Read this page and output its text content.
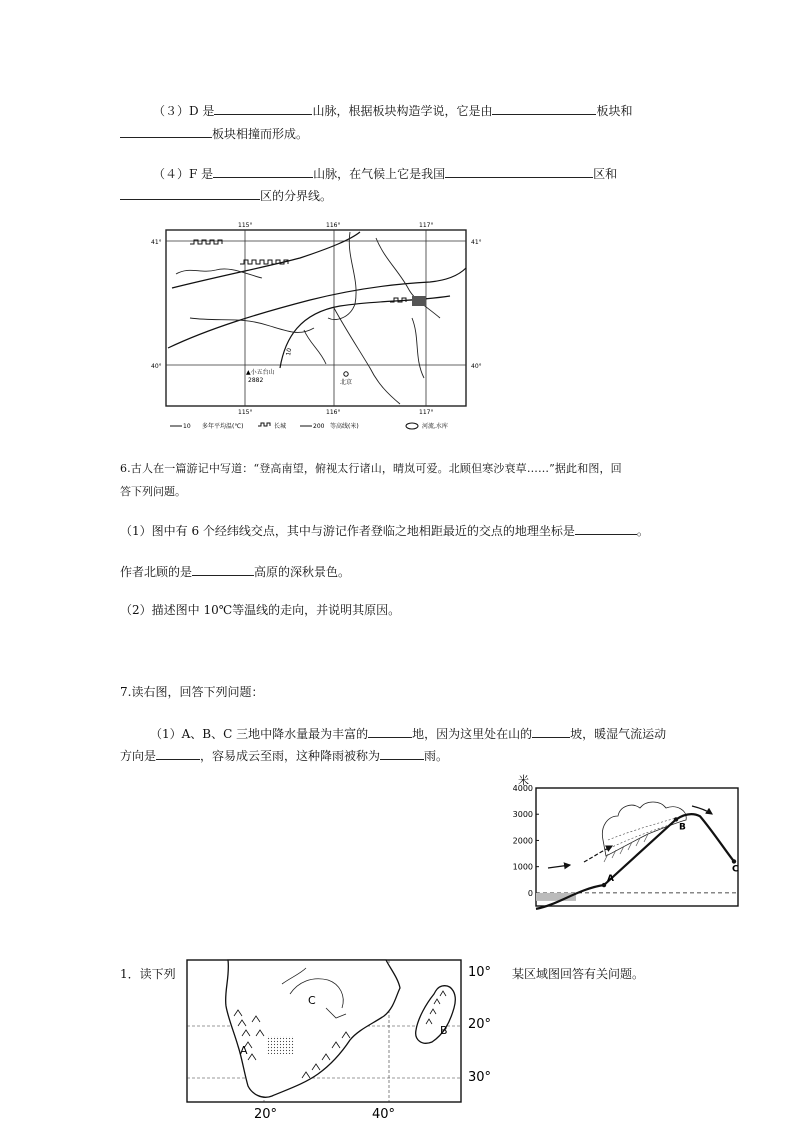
（３）D 是	山脉，根据板块构造学说，它是由	板块和
板块相撞而形成。
（４）F 是	山脉，在气候上它是我国	区和
区的分界线。
115°	116°	117°
41°	41°
40°	40°
10
▲小五台山
2882	北京
115°	116°	117°
10 多年平均温(℃)	长城	200 等高线(米)	河流,水库
6.古人在一篇游记中写道：“登高南望，俯视太行诸山，晴岚可爱。北顾但寒沙衰草……”据此和图，回
答下列问题。
（1）图中有 6 个经纬线交点，其中与游记作者登临之地相距最近的交点的地理坐标是	。
作者北顾的是	高原的深秋景色。
（2）描述图中 10℃等温线的走向，并说明其原因。
7.读右图，回答下列问题：
（1）A、B、C 三地中降水量最为丰富的	地，因为这里处在山的	坡，暖湿气流运动
方向是	，容易成云至雨，这种降雨被称为	雨。
米
4000
3000
2000
1000
0
A
B
C
1．读下列	某区域图回答有关问题。
A
B
C
10°
20°
30°
20°	40°
